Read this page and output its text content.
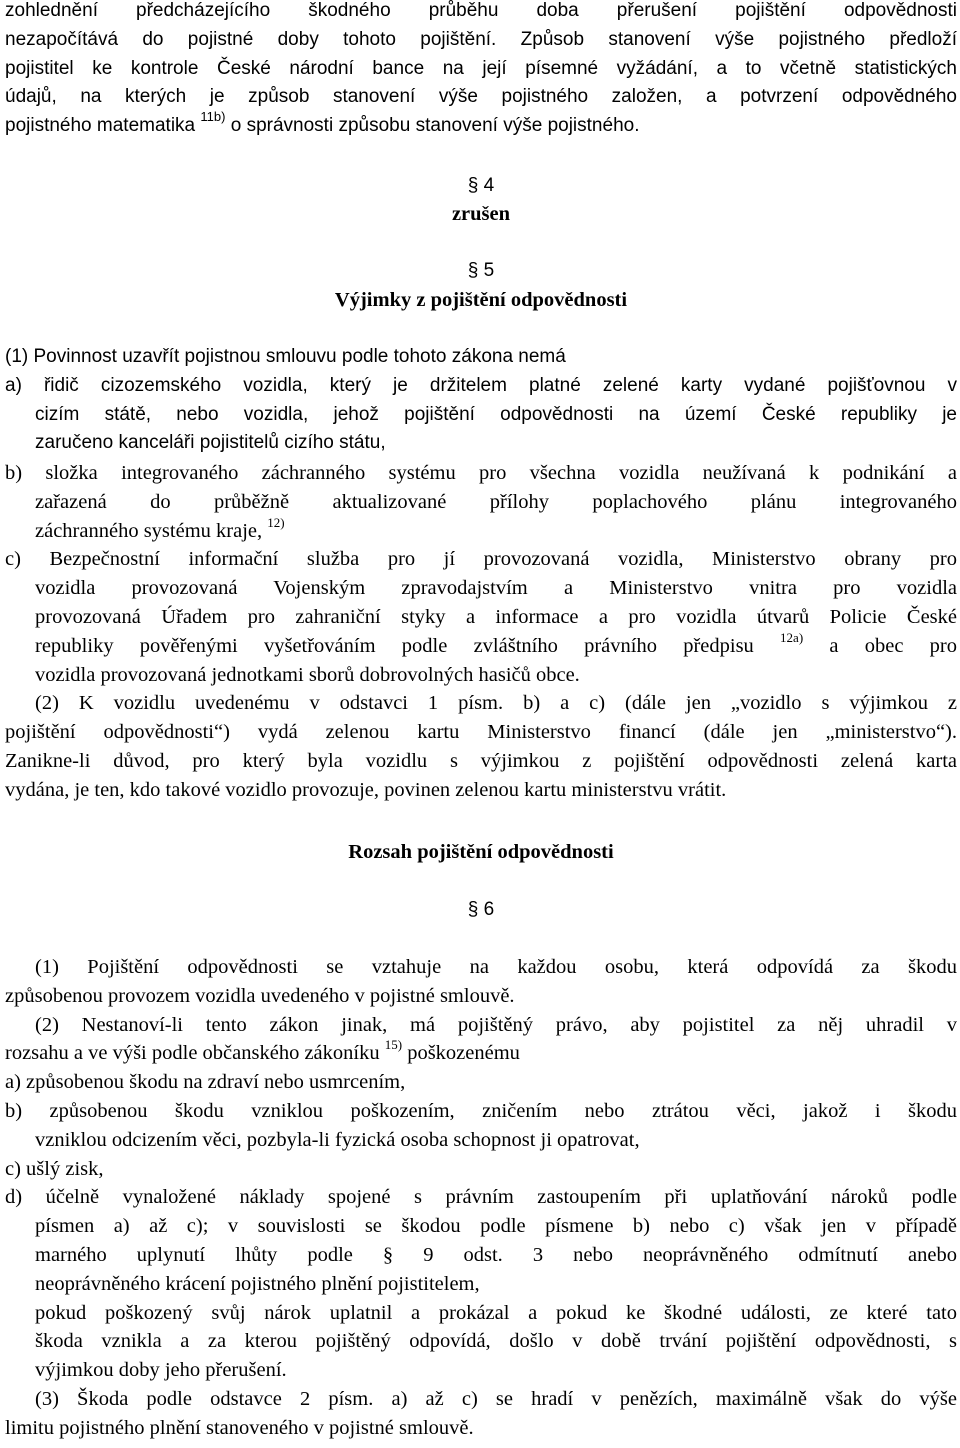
zohlednění předcházejícího škodného průběhu doba přerušení pojištění odpovědnosti

nezapočítává do pojistné doby tohoto pojištění. Způsob stanovení výše pojistného předloží

pojistitel ke kontrole České národní bance na její písemné vyžádání, a to včetně statistických

údajů, na kterých je způsob stanovení výše pojistného založen, a potvrzení odpovědného

pojistného matematika $^{11b)}$ o správnosti způsobu stanovení výše pojistného.

§ 4
zrušen
§ 5
Výjimky z pojištění odpovědnosti

(1) Povinnost uzavřít pojistnou smlouvu podle tohoto zákona nemá

a) řidič cizozemského vozidla, který je držitelem platné zelené karty vydané pojišťovnou v

cizím státě, nebo vozidla, jehož pojištění odpovědnosti na území České republiky je

zaručeno kanceláři pojistitelů cizího státu,

b) složka integrovaného záchranného systému pro všechna vozidla neužívaná k podnikání a

zařazená do průběžně aktualizované přílohy poplachového plánu integrovaného

záchranného systému kraje, $^{12)}$

c) Bezpečnostní informační služba pro jí provozovaná vozidla, Ministerstvo obrany pro

vozidla provozovaná Vojenským zpravodajstvím a Ministerstvo vnitra pro vozidla

provozovaná Úřadem pro zahraniční styky a informace a pro vozidla útvarů Policie České

republiky pověřenými vyšetřováním podle zvláštního právního předpisu $^{12a)}$ a obec pro

vozidla provozovaná jednotkami sborů dobrovolných hasičů obce.

(2) K vozidlu uvedenému v odstavci 1 písm. b) a c) (dále jen „vozidlo s výjimkou z

pojištění odpovědnosti“) vydá zelenou kartu Ministerstvo financí (dále jen „ministerstvo“).

Zanikne-li důvod, pro který byla vozidlu s výjimkou z pojištění odpovědnosti zelená karta

vydána, je ten, kdo takové vozidlo provozuje, povinen zelenou kartu ministerstvu vrátit.

Rozsah pojištění odpovědnosti
§ 6

(1) Pojištění odpovědnosti se vztahuje na každou osobu, která odpovídá za škodu

způsobenou provozem vozidla uvedeného v pojistné smlouvě.

(2) Nestanoví-li tento zákon jinak, má pojištěný právo, aby pojistitel za něj uhradil v

rozsahu a ve výši podle občanského zákoníku $^{15)}$ poškozenému

a) způsobenou škodu na zdraví nebo usmrcením,

b) způsobenou škodu vzniklou poškozením, zničením nebo ztrátou věci, jakož i škodu

vzniklou odcizením věci, pozbyla-li fyzická osoba schopnost ji opatrovat,

c) ušlý zisk,

d) účelně vynaložené náklady spojené s právním zastoupením při uplatňování nároků podle

písmen a) až c); v souvislosti se škodou podle písmene b) nebo c) však jen v případě

marného uplynutí lhůty podle § 9 odst. 3 nebo neoprávněného odmítnutí anebo

neoprávněného krácení pojistného plnění pojistitelem,

pokud poškozený svůj nárok uplatnil a prokázal a pokud ke škodné události, ze které tato

škoda vznikla a za kterou pojištěný odpovídá, došlo v době trvání pojištění odpovědnosti, s

výjimkou doby jeho přerušení.

(3) Škoda podle odstavce 2 písm. a) až c) se hradí v penězích, maximálně však do výše

limitu pojistného plnění stanoveného v pojistné smlouvě.
